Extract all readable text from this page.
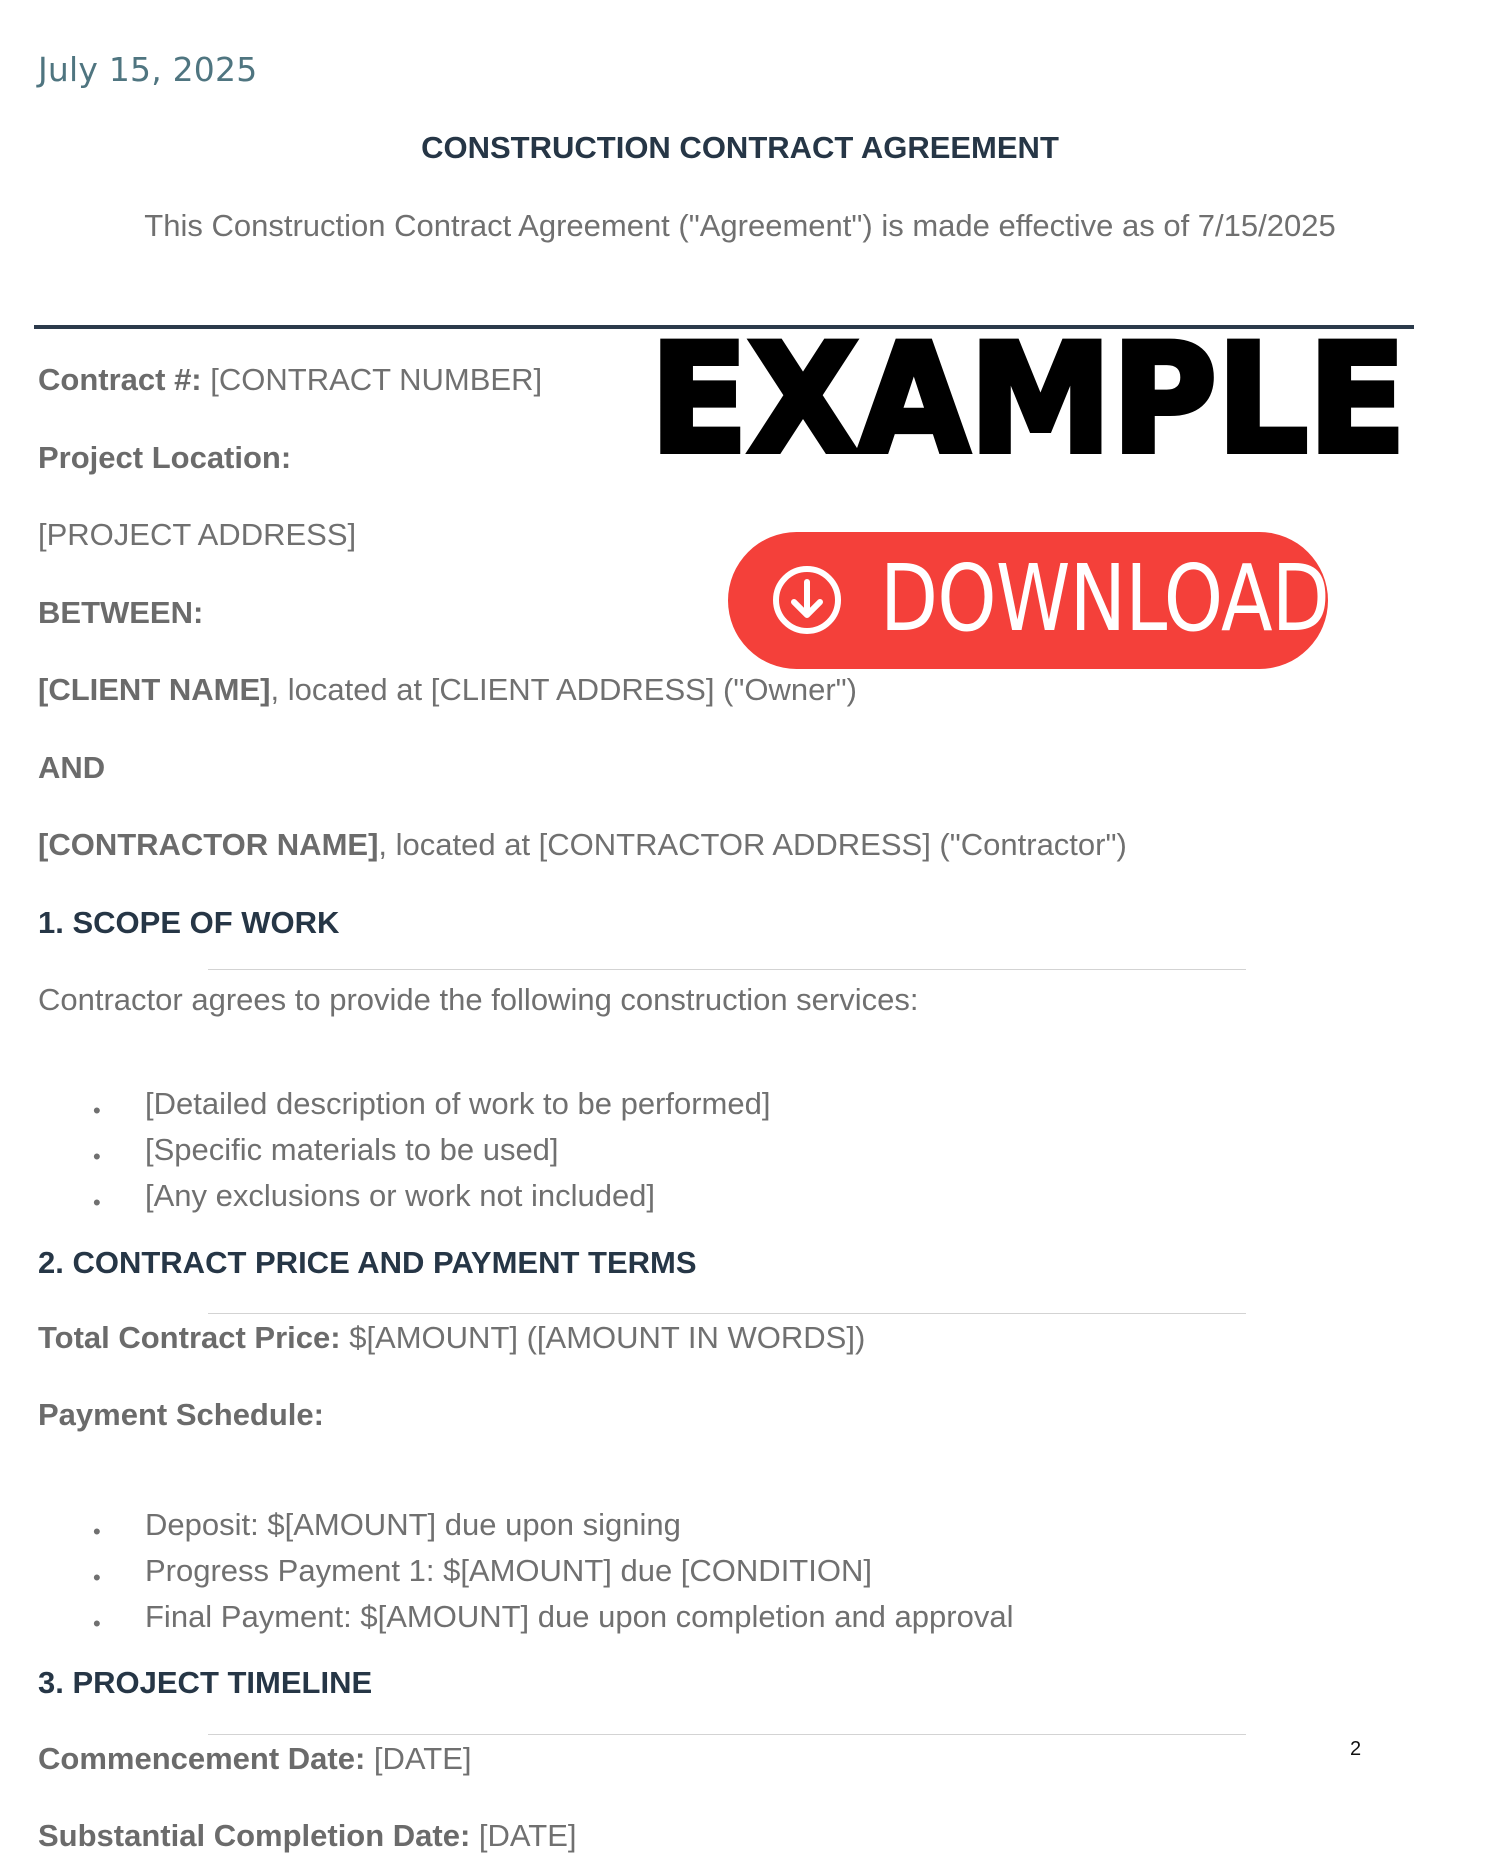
July 15, 2025
CONSTRUCTION CONTRACT AGREEMENT
This Construction Contract Agreement ("Agreement") is made effective as of 7/15/2025
Contract #: [CONTRACT NUMBER]
Project Location:
[PROJECT ADDRESS]
BETWEEN:
[CLIENT NAME], located at [CLIENT ADDRESS] ("Owner")
AND
[CONTRACTOR NAME], located at [CONTRACTOR ADDRESS] ("Contractor")
1. SCOPE OF WORK
Contractor agrees to provide the following construction services:
• [Detailed description of work to be performed]
• [Specific materials to be used]
• [Any exclusions or work not included]
2. CONTRACT PRICE AND PAYMENT TERMS
Total Contract Price: $[AMOUNT] ([AMOUNT IN WORDS])
Payment Schedule:
• Deposit: $[AMOUNT] due upon signing
• Progress Payment 1: $[AMOUNT] due [CONDITION]
• Final Payment: $[AMOUNT] due upon completion and approval
3. PROJECT TIMELINE
Commencement Date: [DATE]
Substantial Completion Date: [DATE]
EXAMPLE
DOWNLOAD
2
